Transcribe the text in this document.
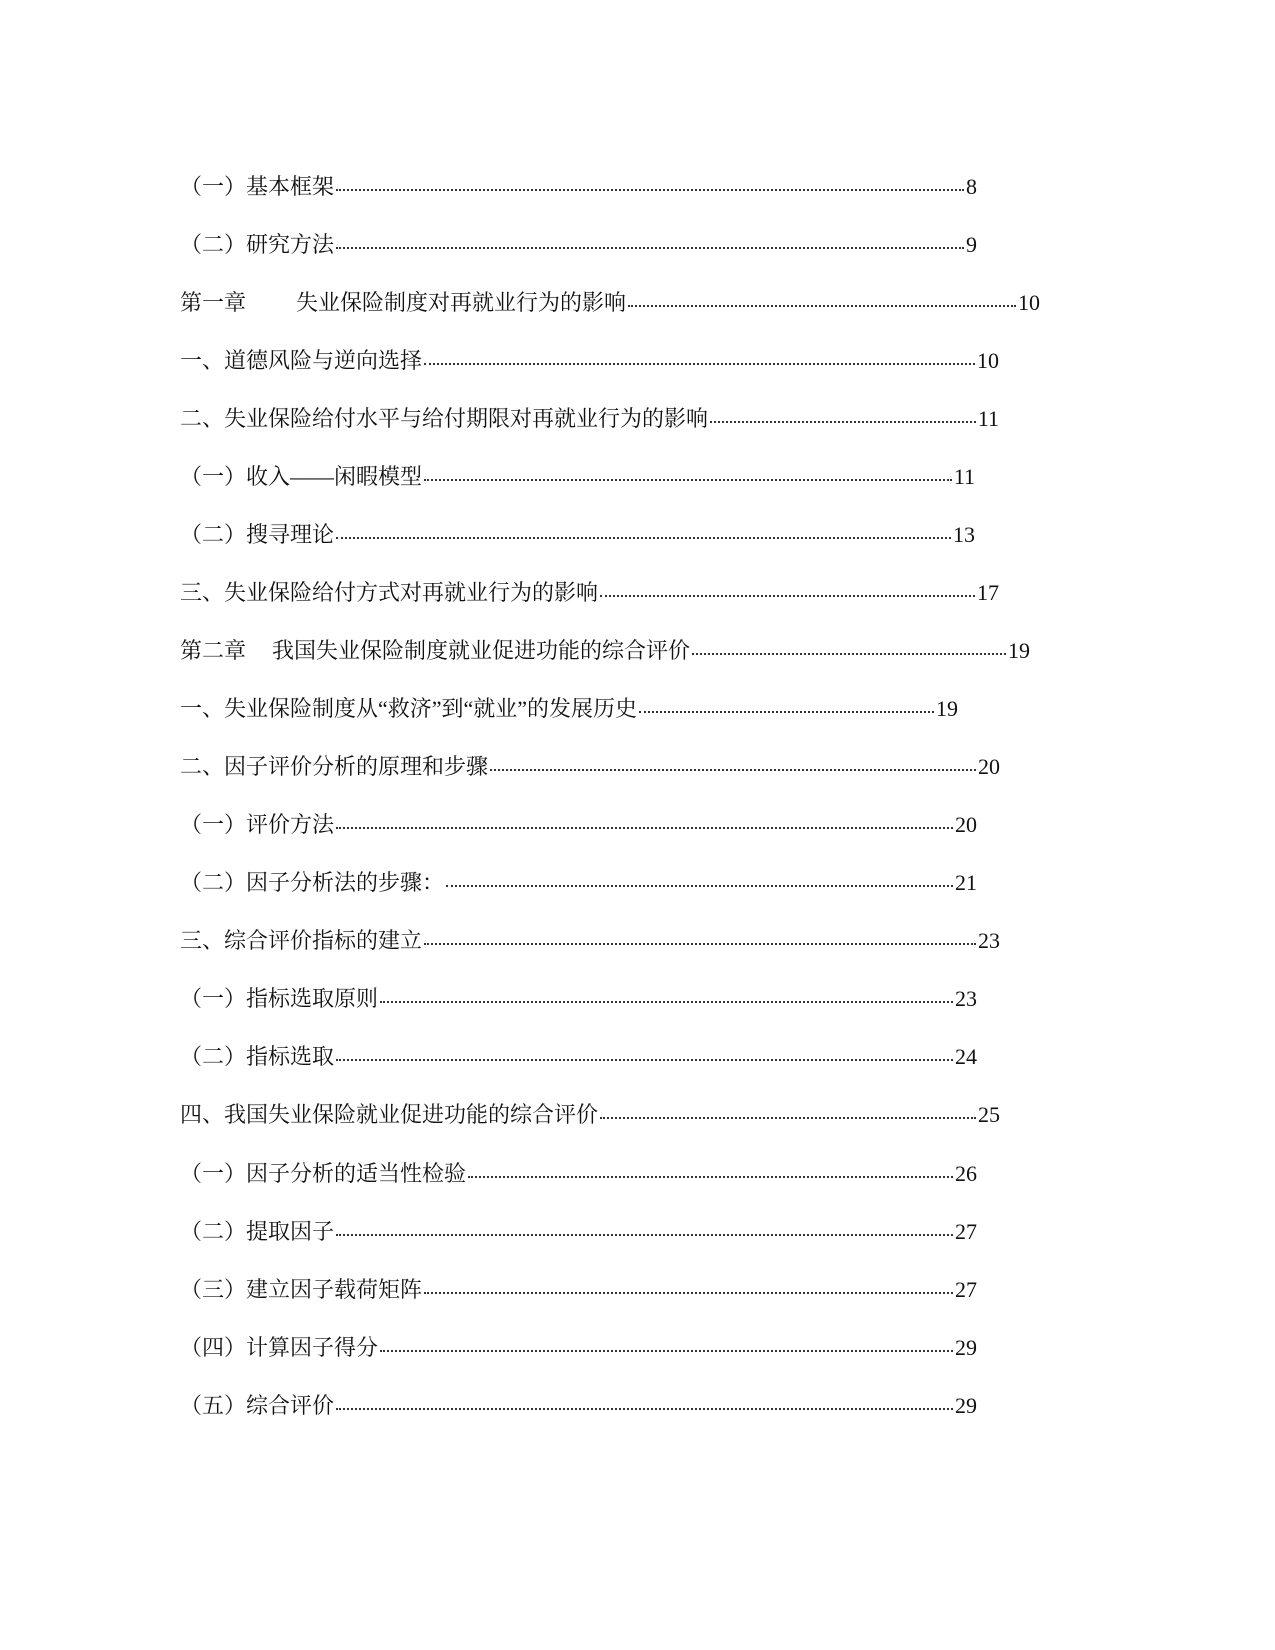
（一）基本框架	8
（二）研究方法	9
第一章 失业保险制度对再就业行为的影响	10
一、道德风险与逆向选择	10
二、失业保险给付水平与给付期限对再就业行为的影响	11
（一）收入——闲暇模型	11
（二）搜寻理论	13
三、失业保险给付方式对再就业行为的影响	17
第二章 我国失业保险制度就业促进功能的综合评价	19
一、失业保险制度从“救济”到“就业”的发展历史	19
二、因子评价分析的原理和步骤	20
（一）评价方法	20
（二）因子分析法的步骤：	21
三、综合评价指标的建立	23
（一）指标选取原则	23
（二）指标选取	24
四、我国失业保险就业促进功能的综合评价	25
（一）因子分析的适当性检验	26
（二）提取因子	27
（三）建立因子载荷矩阵	27
（四）计算因子得分	29
（五）综合评价	29
